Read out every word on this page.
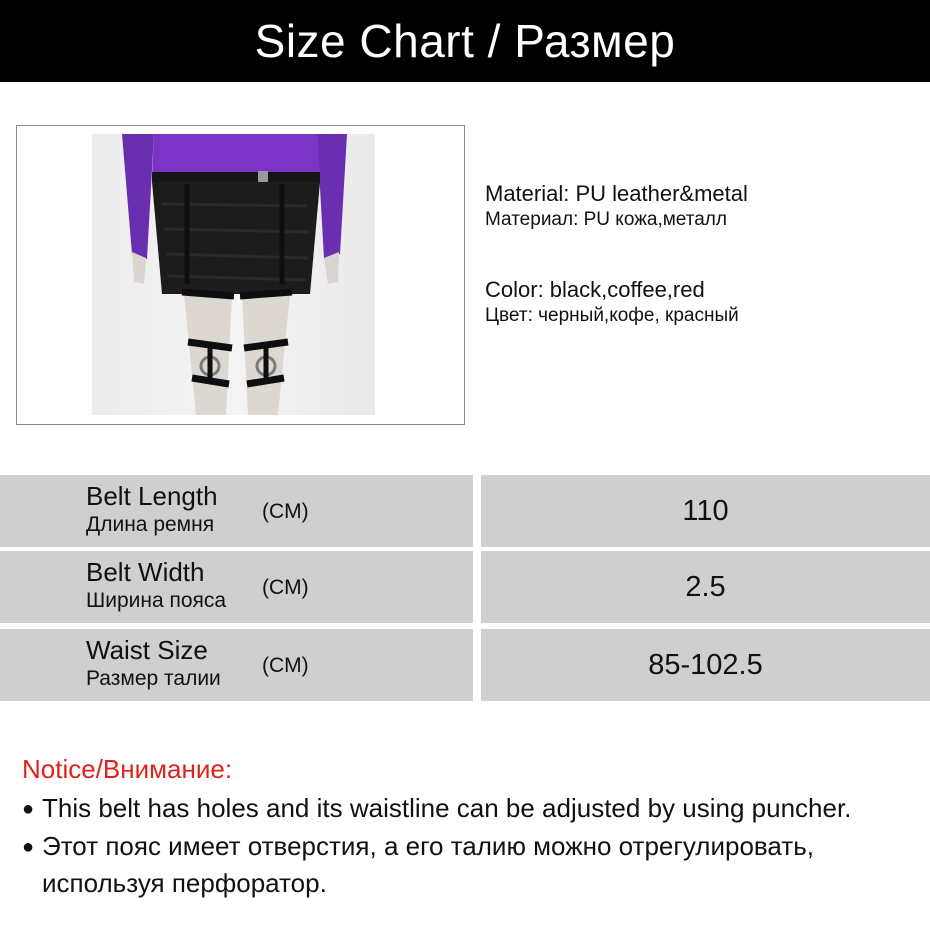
Size Chart / Размер
Material: PU leather&metal
Материал: PU кожа,металл
Color: black,coffee,red
Цвет: черный,кофе, красный
Belt Length
Длина ремня
(CM)	110
Belt Width
Ширина пояса
(CM)	2.5
Waist Size
Размер талии
(CM)	85-102.5
Notice/Внимание:
● This belt has holes and its waistline can be adjusted by using puncher.
● Этот пояс имеет отверстия, а его талию можно отрегулировать,
используя перфоратор.
